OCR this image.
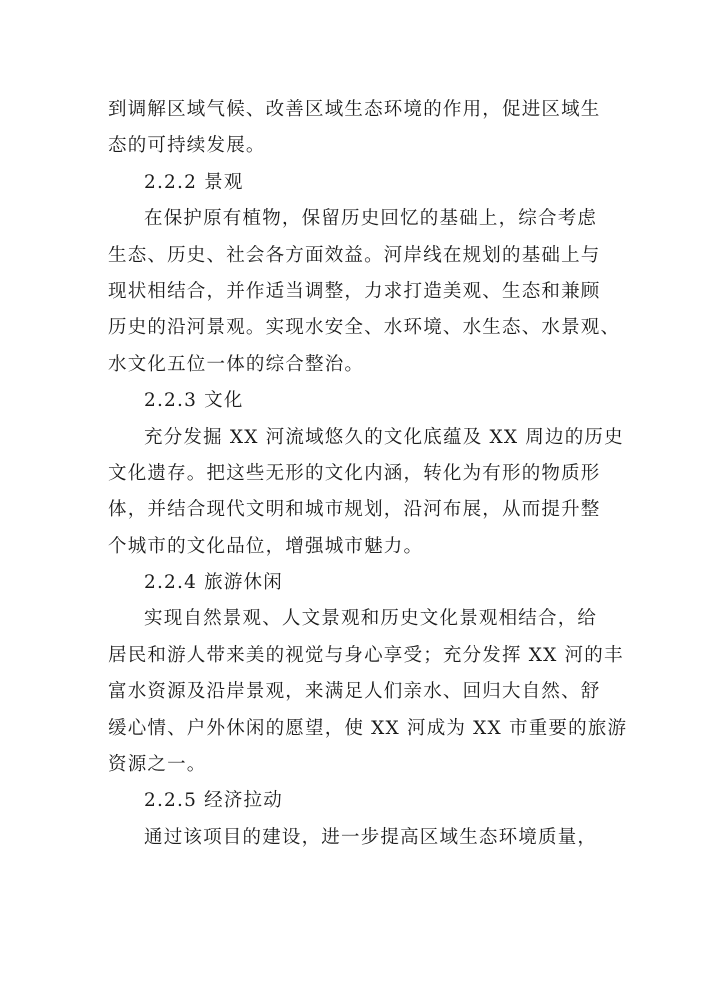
到调解区域气候、改善区域生态环境的作用，促进区域生
态的可持续发展。
2.2.2 景观
在保护原有植物，保留历史回忆的基础上，综合考虑
生态、历史、社会各方面效益。河岸线在规划的基础上与
现状相结合，并作适当调整，力求打造美观、生态和兼顾
历史的沿河景观。实现水安全、水环境、水生态、水景观、
水文化五位一体的综合整治。
2.2.3 文化
充分发掘 XX 河流域悠久的文化底蕴及 XX 周边的历史
文化遗存。把这些无形的文化内涵，转化为有形的物质形
体，并结合现代文明和城市规划，沿河布展，从而提升整
个城市的文化品位，增强城市魅力。
2.2.4 旅游休闲
实现自然景观、人文景观和历史文化景观相结合，给
居民和游人带来美的视觉与身心享受；充分发挥 XX 河的丰
富水资源及沿岸景观，来满足人们亲水、回归大自然、舒
缓心情、户外休闲的愿望，使 XX 河成为 XX 市重要的旅游
资源之一。
2.2.5 经济拉动
通过该项目的建设，进一步提高区域生态环境质量，
